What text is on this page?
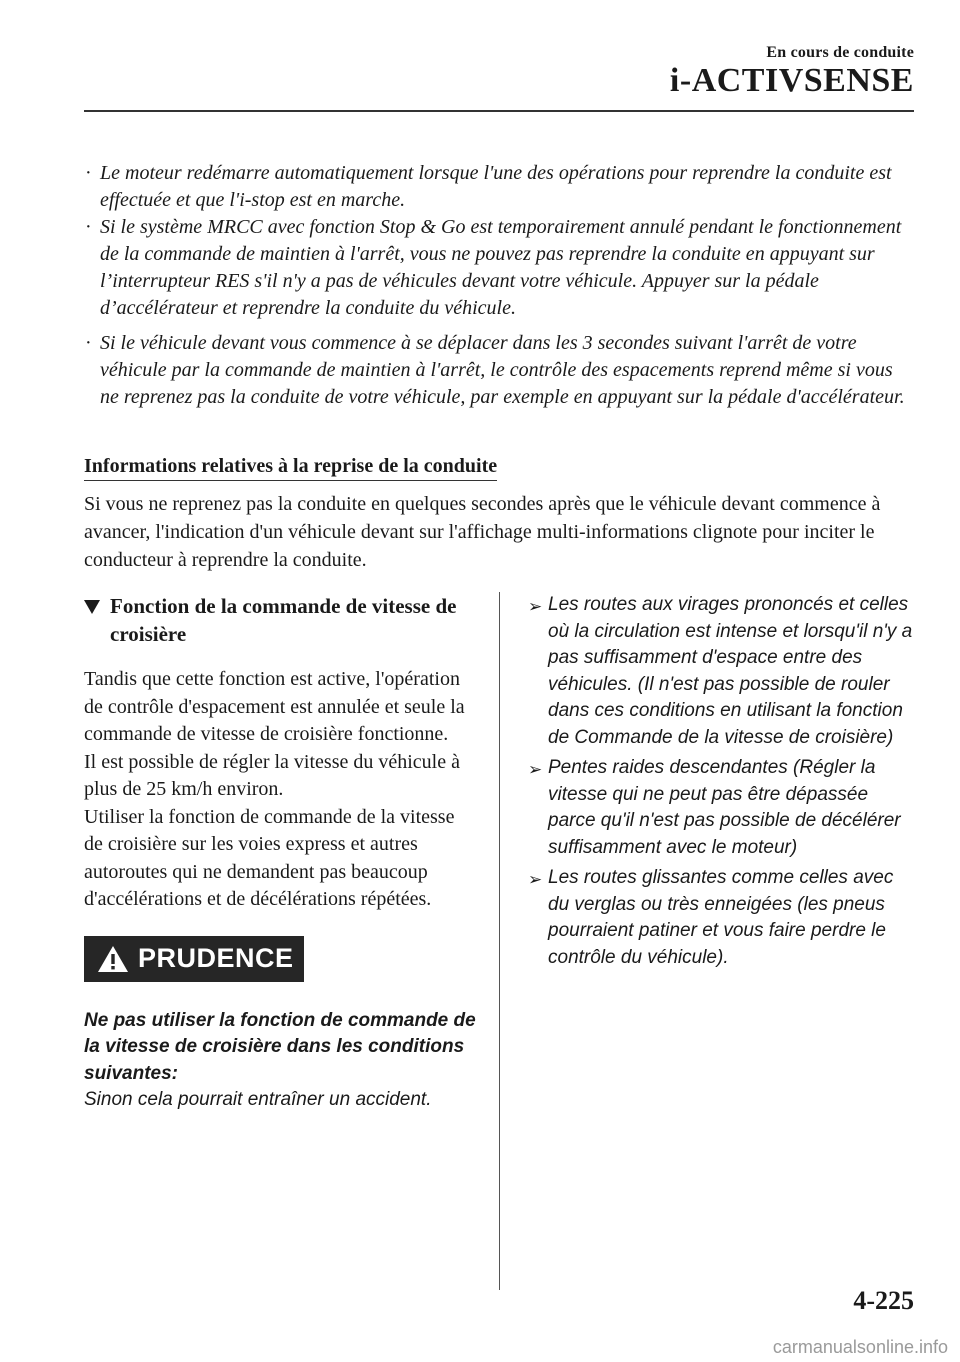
En cours de conduite
i-ACTIVSENSE
· Le moteur redémarre automatiquement lorsque l'une des opérations pour reprendre la conduite est effectuée et que l'i-stop est en marche.
· Si le système MRCC avec fonction Stop & Go est temporairement annulé pendant le fonctionnement de la commande de maintien à l'arrêt, vous ne pouvez pas reprendre la conduite en appuyant sur l’interrupteur RES s'il n'y a pas de véhicules devant votre véhicule. Appuyer sur la pédale d’accélérateur et reprendre la conduite du véhicule.
· Si le véhicule devant vous commence à se déplacer dans les 3 secondes suivant l'arrêt de votre véhicule par la commande de maintien à l'arrêt, le contrôle des espacements reprend même si vous ne reprenez pas la conduite de votre véhicule, par exemple en appuyant sur la pédale d'accélérateur.
Informations relatives à la reprise de la conduite

Si vous ne reprenez pas la conduite en quelques secondes après que le véhicule devant commence à avancer, l'indication d'un véhicule devant sur l'affichage multi-informations clignote pour inciter le conducteur à reprendre la conduite.

Fonction de la commande de vitesse de croisière

Tandis que cette fonction est active, l'opération de contrôle d'espacement est annulée et seule la commande de vitesse de croisière fonctionne.
Il est possible de régler la vitesse du véhicule à plus de 25 km/h environ.
Utiliser la fonction de commande de la vitesse de croisière sur les voies express et autres autoroutes qui ne demandent pas beaucoup d'accélérations et de décélérations répétées.

PRUDENCE

Ne pas utiliser la fonction de commande de la vitesse de croisière dans les conditions suivantes:
Sinon cela pourrait entraîner un accident.

➢ Les routes aux virages prononcés et celles où la circulation est intense et lorsqu'il n'y a pas suffisamment d'espace entre des véhicules. (Il n'est pas possible de rouler dans ces conditions en utilisant la fonction de Commande de la vitesse de croisière)
➢ Pentes raides descendantes (Régler la vitesse qui ne peut pas être dépassée parce qu'il n'est pas possible de décélérer suffisamment avec le moteur)
➢ Les routes glissantes comme celles avec du verglas ou très enneigées (les pneus pourraient patiner et vous faire perdre le contrôle du véhicule).
4-225
carmanualsonline.info
